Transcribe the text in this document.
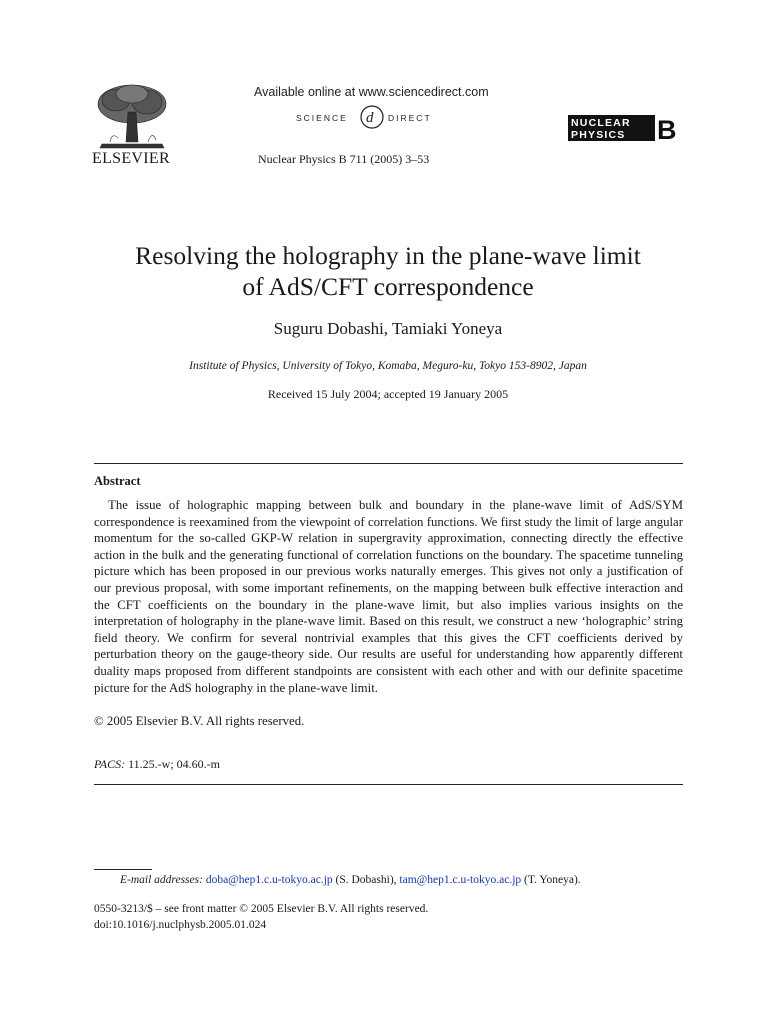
ELSEVIER
Available online at www.sciencedirect.com
SCIENCE d DIRECT
Nuclear Physics B 711 (2005) 3–53
NUCLEAR
PHYSICS B
Resolving the holography in the plane-wave limit
of AdS/CFT correspondence
Suguru Dobashi, Tamiaki Yoneya
Institute of Physics, University of Tokyo, Komaba, Meguro-ku, Tokyo 153-8902, Japan
Received 15 July 2004; accepted 19 January 2005
Abstract
The issue of holographic mapping between bulk and boundary in the plane-wave limit of AdS/SYM correspondence is reexamined from the viewpoint of correlation functions. We first study the limit of large angular momentum for the so-called GKP-W relation in supergravity approximation, connecting directly the effective action in the bulk and the generating functional of correlation functions on the boundary. The spacetime tunneling picture which has been proposed in our previous works naturally emerges. This gives not only a justification of our previous proposal, with some important refinements, on the mapping between bulk effective interaction and the CFT coefficients on the boundary in the plane-wave limit, but also implies various insights on the interpretation of holography in the plane-wave limit. Based on this result, we construct a new ‘holographic’ string field theory. We confirm for several nontrivial examples that this gives the CFT coefficients derived by perturbation theory on the gauge-theory side. Our results are useful for understanding how apparently different duality maps proposed from different standpoints are consistent with each other and with our definite spacetime picture for the AdS holography in the plane-wave limit.
© 2005 Elsevier B.V. All rights reserved.
PACS: 11.25.-w; 04.60.-m
E-mail addresses: doba@hep1.c.u-tokyo.ac.jp (S. Dobashi), tam@hep1.c.u-tokyo.ac.jp (T. Yoneya).
0550-3213/$ – see front matter © 2005 Elsevier B.V. All rights reserved.
doi:10.1016/j.nuclphysb.2005.01.024
